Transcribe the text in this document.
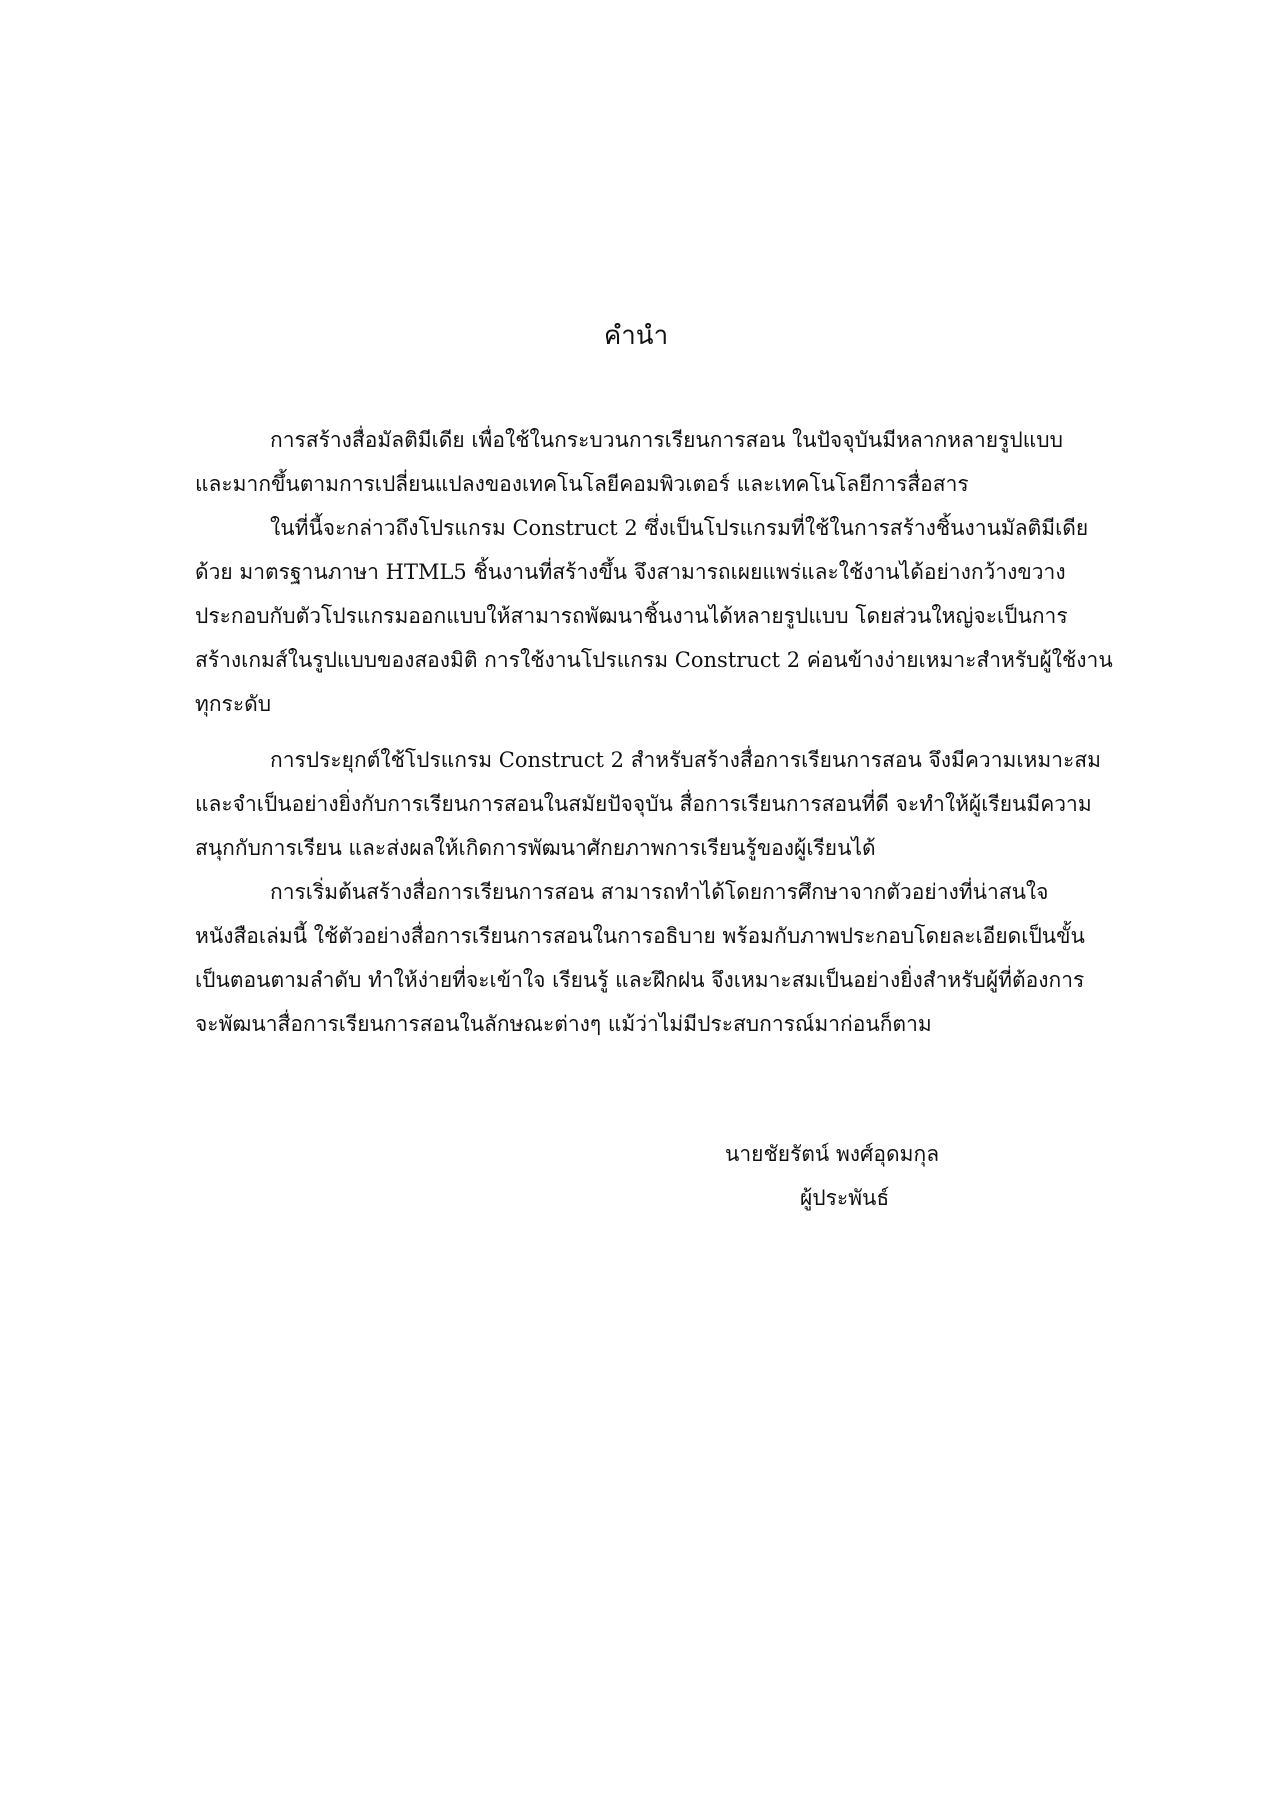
คำนำ
การสร้างสื่อมัลติมีเดีย เพื่อใช้ในกระบวนการเรียนการสอน ในปัจจุบันมีหลากหลายรูปแบบ
และมากขึ้นตามการเปลี่ยนแปลงของเทคโนโลยีคอมพิวเตอร์ และเทคโนโลยีการสื่อสาร
ในที่นี้จะกล่าวถึงโปรแกรม Construct 2 ซึ่งเป็นโปรแกรมที่ใช้ในการสร้างชิ้นงานมัลติมีเดีย
ด้วย มาตรฐานภาษา HTML5 ชิ้นงานที่สร้างขึ้น จึงสามารถเผยแพร่และใช้งานได้อย่างกว้างขวาง
ประกอบกับตัวโปรแกรมออกแบบให้สามารถพัฒนาชิ้นงานได้หลายรูปแบบ โดยส่วนใหญ่จะเป็นการ
สร้างเกมส์ในรูปแบบของสองมิติ การใช้งานโปรแกรม Construct 2 ค่อนข้างง่ายเหมาะสำหรับผู้ใช้งาน
ทุกระดับ
การประยุกต์ใช้โปรแกรม Construct 2 สำหรับสร้างสื่อการเรียนการสอน จึงมีความเหมาะสม
และจำเป็นอย่างยิ่งกับการเรียนการสอนในสมัยปัจจุบัน สื่อการเรียนการสอนที่ดี จะทำให้ผู้เรียนมีความ
สนุกกับการเรียน และส่งผลให้เกิดการพัฒนาศักยภาพการเรียนรู้ของผู้เรียนได้
การเริ่มต้นสร้างสื่อการเรียนการสอน สามารถทำได้โดยการศึกษาจากตัวอย่างที่น่าสนใจ
หนังสือเล่มนี้ ใช้ตัวอย่างสื่อการเรียนการสอนในการอธิบาย พร้อมกับภาพประกอบโดยละเอียดเป็นขั้น
เป็นตอนตามลำดับ ทำให้ง่ายที่จะเข้าใจ เรียนรู้ และฝึกฝน จึงเหมาะสมเป็นอย่างยิ่งสำหรับผู้ที่ต้องการ
จะพัฒนาสื่อการเรียนการสอนในลักษณะต่างๆ แม้ว่าไม่มีประสบการณ์มาก่อนก็ตาม
นายชัยรัตน์ พงศ์อุดมกุล
ผู้ประพันธ์
